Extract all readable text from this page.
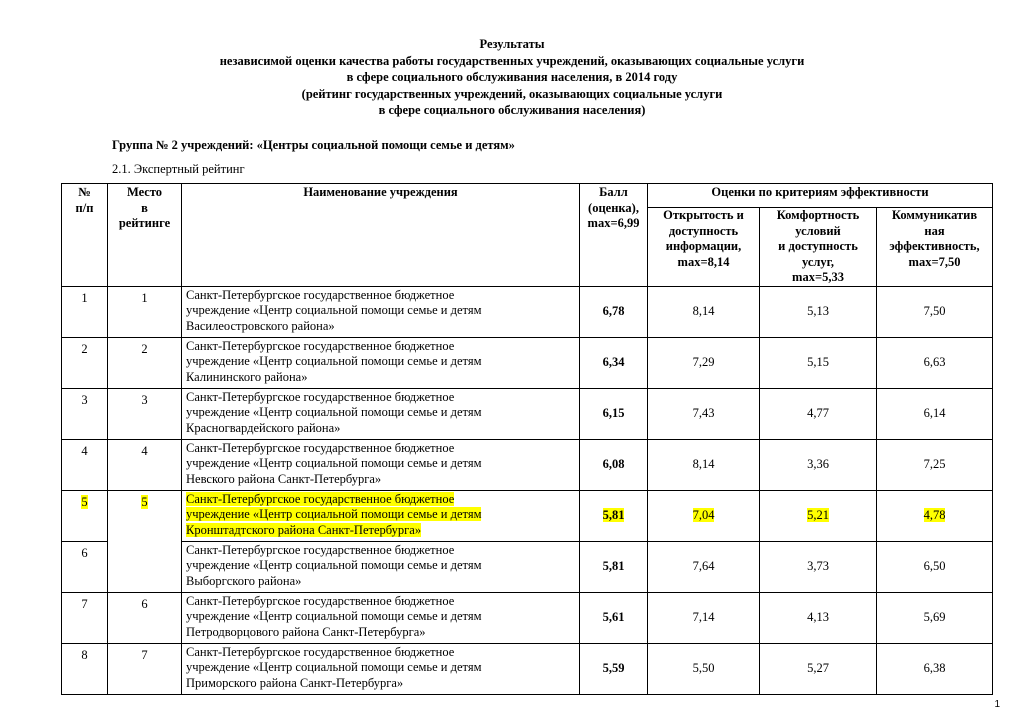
Результаты
независимой оценки качества работы государственных учреждений, оказывающих социальные услуги
в сфере социального обслуживания населения, в 2014 году
(рейтинг государственных учреждений, оказывающих социальные услуги
в сфере социального обслуживания населения)
Группа № 2 учреждений: «Центры социальной помощи семье и детям»
2.1. Экспертный рейтинг
№
п/п	Место
в
рейтинге	Наименование учреждения	Балл
(оценка),
max=6,99	Оценки по критериям эффективности		
				Открытость и
доступность
информации,
max=8,14	Комфортность
условий
и доступность
услуг,
max=5,33	Коммуникатив
ная
эффективность,
max=7,50
1	1	Санкт-Петербургское государственное бюджетное
учреждение «Центр социальной помощи семье и детям
Василеостровского района»	6,78	8,14	5,13	7,50
2	2	Санкт-Петербургское государственное бюджетное
учреждение «Центр социальной помощи семье и детям
Калининского района»	6,34	7,29	5,15	6,63
3	3	Санкт-Петербургское государственное бюджетное
учреждение «Центр социальной помощи семье и детям
Красногвардейского района»	6,15	7,43	4,77	6,14
4	4	Санкт-Петербургское государственное бюджетное
учреждение «Центр социальной помощи семье и детям
Невского района Санкт-Петербурга»	6,08	8,14	3,36	7,25
5	5	Санкт-Петербургское государственное бюджетное
учреждение «Центр социальной помощи семье и детям
Кронштадтского района Санкт-Петербурга»	5,81	7,04	5,21	4,78
6		Санкт-Петербургское государственное бюджетное
учреждение «Центр социальной помощи семье и детям
Выборгского района»	5,81	7,64	3,73	6,50
7	6	Санкт-Петербургское государственное бюджетное
учреждение «Центр социальной помощи семье и детям
Петродворцового района Санкт-Петербурга»	5,61	7,14	4,13	5,69
8	7	Санкт-Петербургское государственное бюджетное
учреждение «Центр социальной помощи семье и детям
Приморского района Санкт-Петербурга»	5,59	5,50	5,27	6,38
1
